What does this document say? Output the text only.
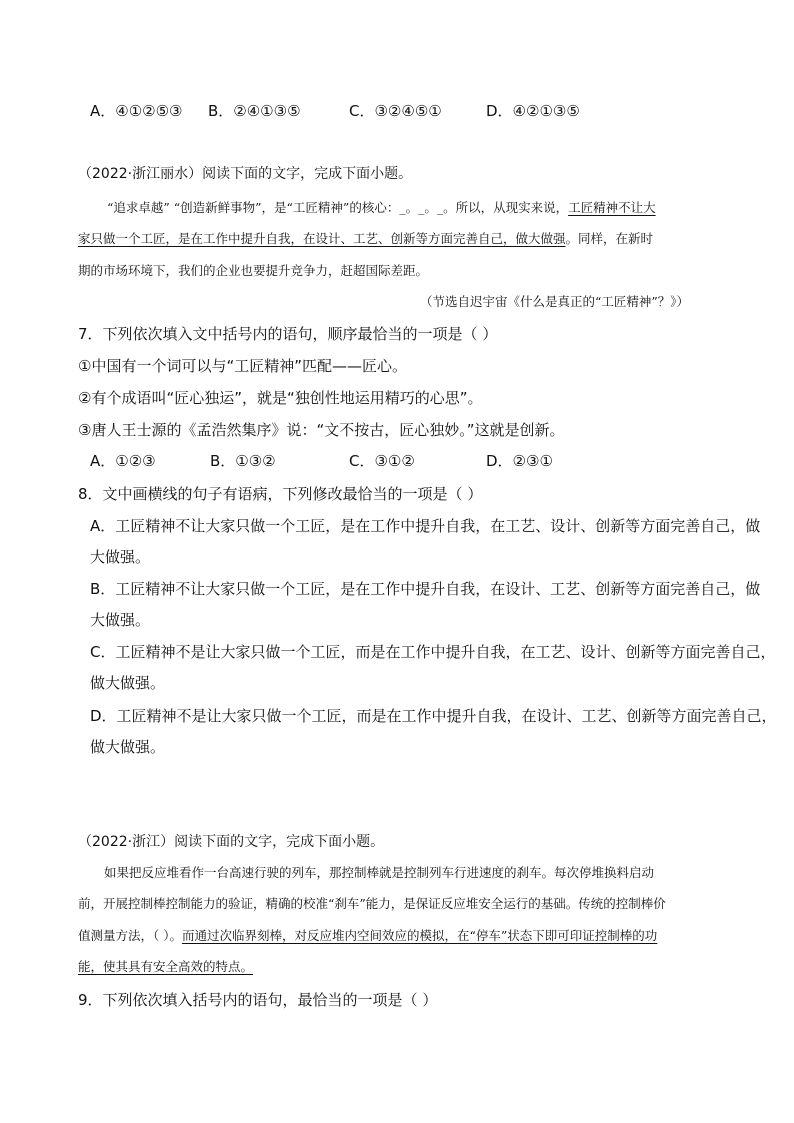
A．④①②⑤③ B．②④①③⑤	C．③②④⑤①	D．④②①③⑤
（2022·浙江丽水）阅读下面的文字，完成下面小题。
“追求卓越” “创造新鲜事物”，是“工匠精神”的核心：_。_。_。所以，从现实来说，工匠精神不让大
家只做一个工匠，是在工作中提升自我，在设计、工艺、创新等方面完善自己，做大做强。同样，在新时
期的市场环境下，我们的企业也要提升竞争力，赶超国际差距。
（节选自迟宇宙《什么是真正的“工匠精神”？》）
7．下列依次填入文中括号内的语句，顺序最恰当的一项是（ ）
①中国有一个词可以与“工匠精神”匹配——匠心。
②有个成语叫“匠心独运”，就是“独创性地运用精巧的心思”。
③唐人王士源的《孟浩然集序》说：“文不按古，匠心独妙。”这就是创新。
A．①②③	B．①③②	C．③①②	D．②③①
8．文中画横线的句子有语病，下列修改最恰当的一项是（ ）
A．工匠精神不让大家只做一个工匠，是在工作中提升自我，在工艺、设计、创新等方面完善自己，做
大做强。
B．工匠精神不让大家只做一个工匠，是在工作中提升自我，在设计、工艺、创新等方面完善自己，做
大做强。
C．工匠精神不是让大家只做一个工匠，而是在工作中提升自我，在工艺、设计、创新等方面完善自己，
做大做强。
D．工匠精神不是让大家只做一个工匠，而是在工作中提升自我，在设计、工艺、创新等方面完善自己，
做大做强。
（2022·浙江）阅读下面的文字，完成下面小题。
如果把反应堆看作一台高速行驶的列车，那控制棒就是控制列车行进速度的刹车。每次停堆换料启动
前，开展控制棒控制能力的验证，精确的校准“刹车”能力，是保证反应堆安全运行的基础。传统的控制棒价
值测量方法，（ ）。而通过次临界刻棒，对反应堆内空间效应的模拟，在“停车”状态下即可印证控制棒的功
能，使其具有安全高效的特点。
9．下列依次填入括号内的语句，最恰当的一项是（ ）
